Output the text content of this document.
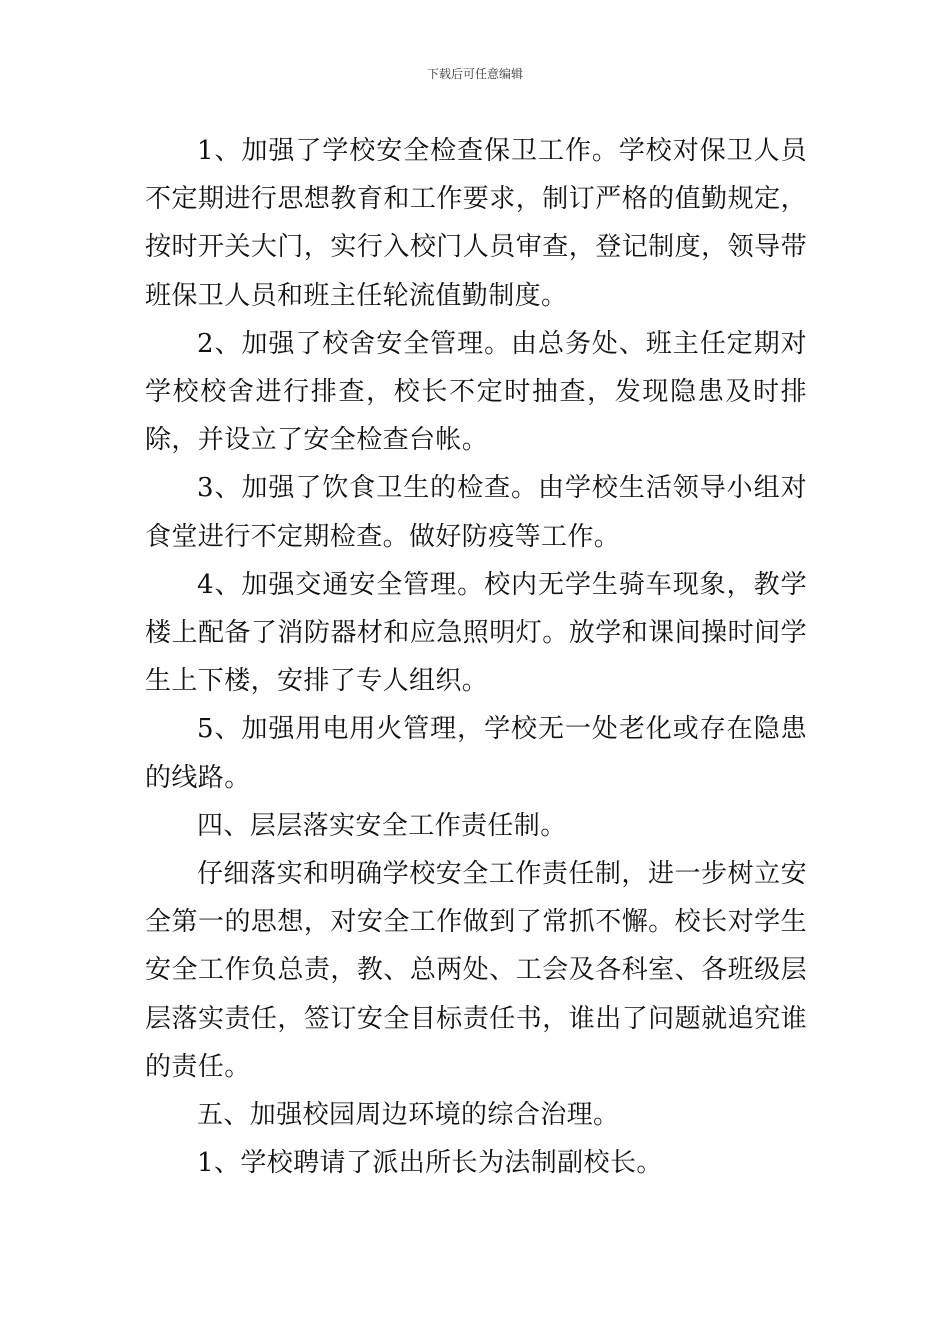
下载后可任意编辑

1、加强了学校安全检查保卫工作。学校对保卫人员不定期进行思想教育和工作要求，制订严格的值勤规定，按时开关大门，实行入校门人员审查，登记制度，领导带班保卫人员和班主任轮流值勤制度。

2、加强了校舍安全管理。由总务处、班主任定期对学校校舍进行排查，校长不定时抽查，发现隐患及时排除，并设立了安全检查台帐。

3、加强了饮食卫生的检查。由学校生活领导小组对食堂进行不定期检查。做好防疫等工作。

4、加强交通安全管理。校内无学生骑车现象，教学楼上配备了消防器材和应急照明灯。放学和课间操时间学生上下楼，安排了专人组织。

5、加强用电用火管理，学校无一处老化或存在隐患的线路。

四、层层落实安全工作责任制。

仔细落实和明确学校安全工作责任制，进一步树立安全第一的思想，对安全工作做到了常抓不懈。校长对学生安全工作负总责，教、总两处、工会及各科室、各班级层层落实责任，签订安全目标责任书，谁出了问题就追究谁的责任。

五、加强校园周边环境的综合治理。

1、学校聘请了派出所长为法制副校长。
